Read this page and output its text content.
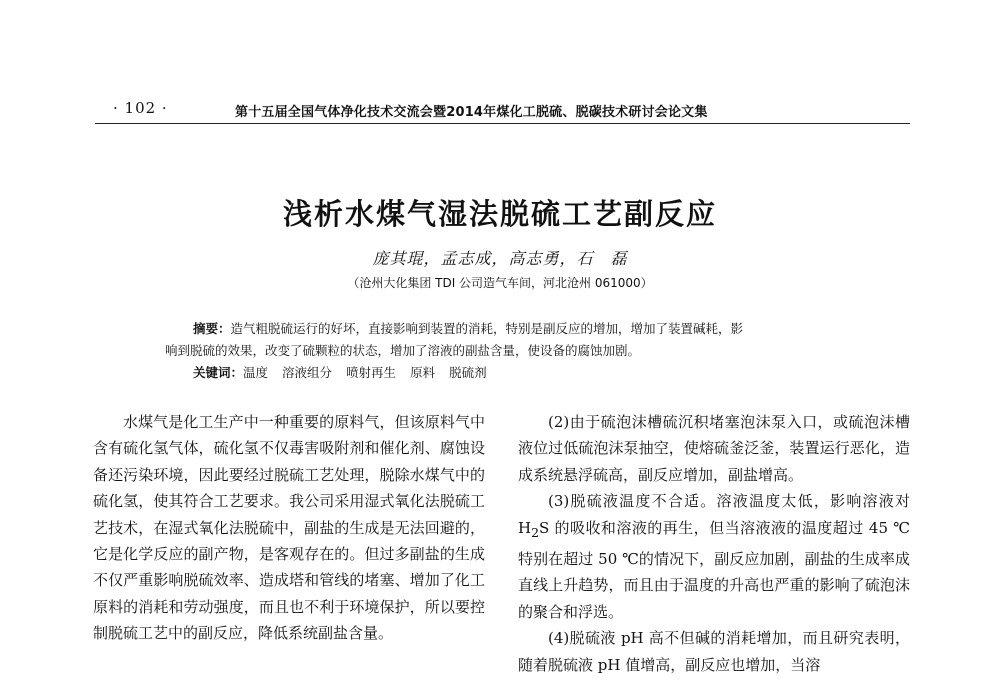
· 102 ·	第十五届全国气体净化技术交流会暨2014年煤化工脱硫、脱碳技术研讨会论文集
浅析水煤气湿法脱硫工艺副反应
庞其琨，孟志成，高志勇，石　磊
（沧州大化集团 TDI 公司造气车间，河北沧州 061000）
摘要：造气粗脱硫运行的好坏，直接影响到装置的消耗，特别是副反应的增加，增加了装置碱耗，影
响到脱硫的效果，改变了硫颗粒的状态，增加了溶液的副盐含量，使设备的腐蚀加剧。
关键词：温度 溶液组分 喷射再生 原料 脱硫剂

水煤气是化工生产中一种重要的原料气，但该原料气中含有硫化氢气体，硫化氢不仅毒害吸附剂和催化剂、腐蚀设备还污染环境，因此要经过脱硫工艺处理，脱除水煤气中的硫化氢，使其符合工艺要求。我公司采用湿式氧化法脱硫工艺技术，在湿式氧化法脱硫中，副盐的生成是无法回避的，它是化学反应的副产物，是客观存在的。但过多副盐的生成不仅严重影响脱硫效率、造成塔和管线的堵塞、增加了化工原料的消耗和劳动强度，而且也不利于环境保护，所以要控制脱硫工艺中的副反应，降低系统副盐含量。

(2)由于硫泡沫槽硫沉积堵塞泡沫泵入口，或硫泡沫槽液位过低硫泡沫泵抽空，使熔硫釜泛釜，装置运行恶化，造成系统悬浮硫高，副反应增加，副盐增高。

(3)脱硫液温度不合适。溶液温度太低，影响溶液对 $H_2S$ 的吸收和溶液的再生，但当溶液液的温度超过 45 ℃特别在超过 50 ℃的情况下，副反应加剧，副盐的生成率成直线上升趋势，而且由于温度的升高也严重的影响了硫泡沫的聚合和浮选。

(4)脱硫液 pH 高不但碱的消耗增加，而且研究表明，随着脱硫液 pH 值增高，副反应也增加，当溶
